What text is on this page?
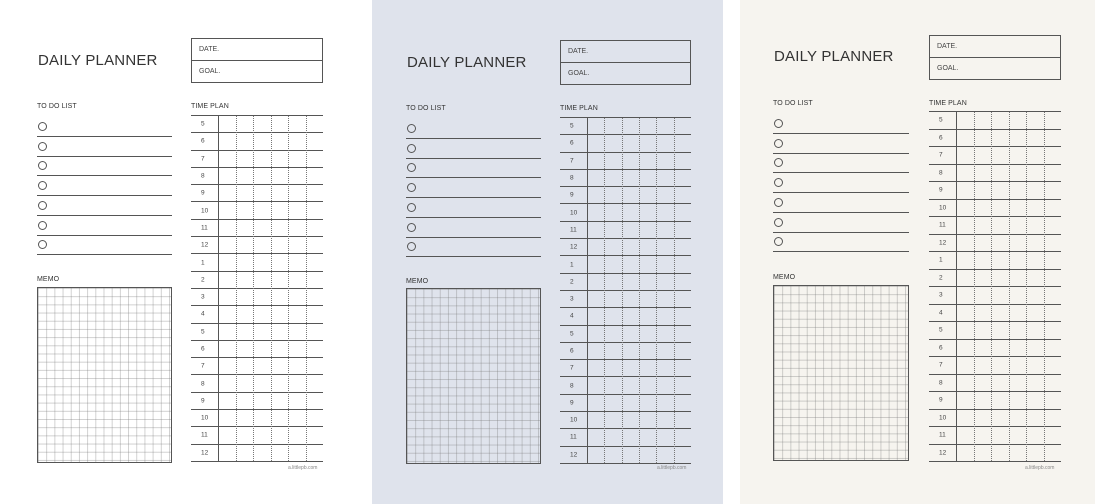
DAILY PLANNER
DATE.
GOAL.
TO DO LIST
MEMO
TIME PLAN
5
6
7
8
9
10
11
12
1
2
3
4
5
6
7
8
9
10
11
12
a.littlepb.com
DAILY PLANNER
DATE.
GOAL.
TO DO LIST
MEMO
TIME PLAN
5
6
7
8
9
10
11
12
1
2
3
4
5
6
7
8
9
10
11
12
a.littlepb.com
DAILY PLANNER
DATE.
GOAL.
TO DO LIST
MEMO
TIME PLAN
5
6
7
8
9
10
11
12
1
2
3
4
5
6
7
8
9
10
11
12
a.littlepb.com
